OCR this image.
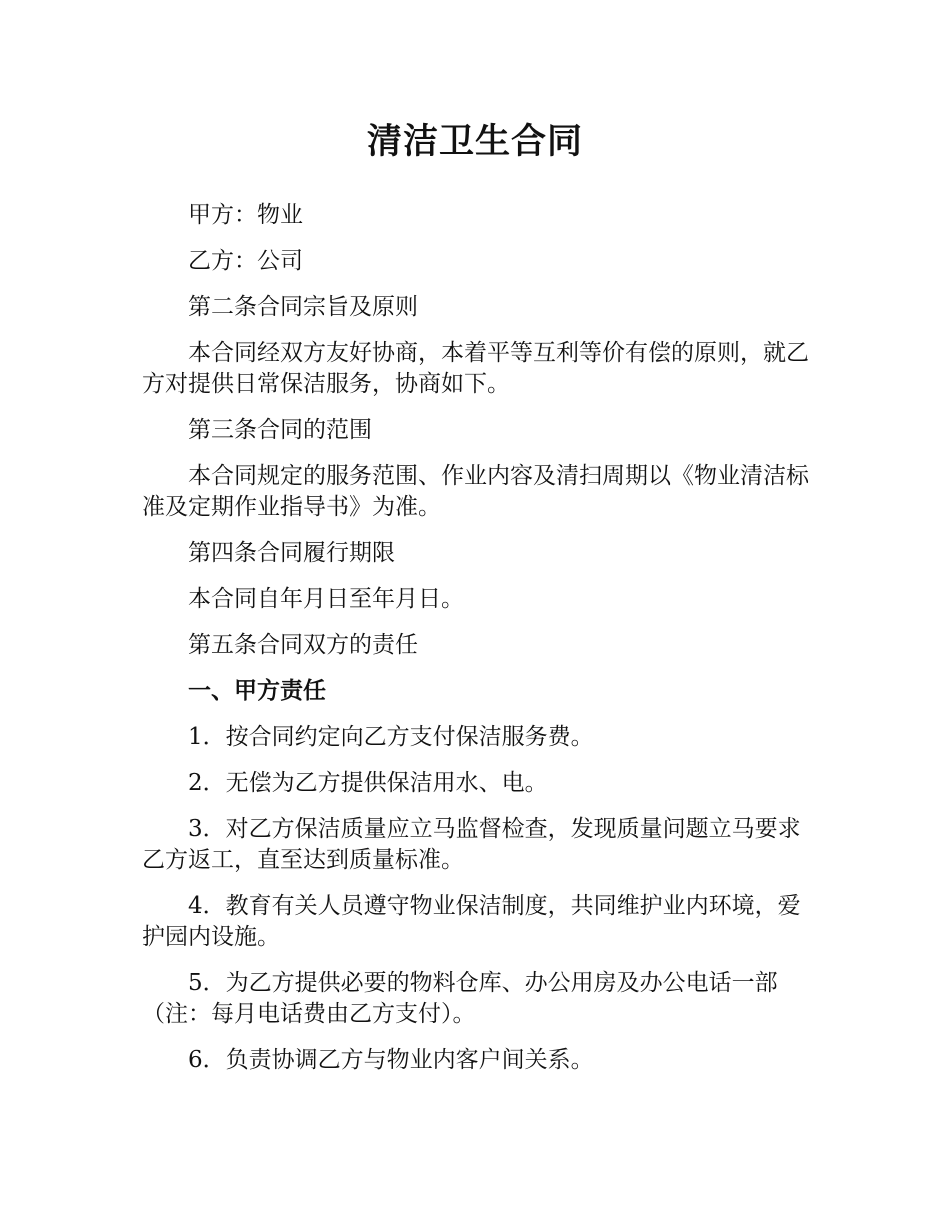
清洁卫生合同

甲方：物业

乙方：公司

第二条合同宗旨及原则

本合同经双方友好协商，本着平等互利等价有偿的原则，就乙方对提供日常保洁服务，协商如下。

第三条合同的范围

本合同规定的服务范围、作业内容及清扫周期以《物业清洁标准及定期作业指导书》为准。

第四条合同履行期限

本合同自年月日至年月日。

第五条合同双方的责任

一、甲方责任

1．按合同约定向乙方支付保洁服务费。

2．无偿为乙方提供保洁用水、电。

3．对乙方保洁质量应立马监督检查，发现质量问题立马要求乙方返工，直至达到质量标准。

4．教育有关人员遵守物业保洁制度，共同维护业内环境，爱护园内设施。

5．为乙方提供必要的物料仓库、办公用房及办公电话一部（注：每月电话费由乙方支付）。

6．负责协调乙方与物业内客户间关系。
